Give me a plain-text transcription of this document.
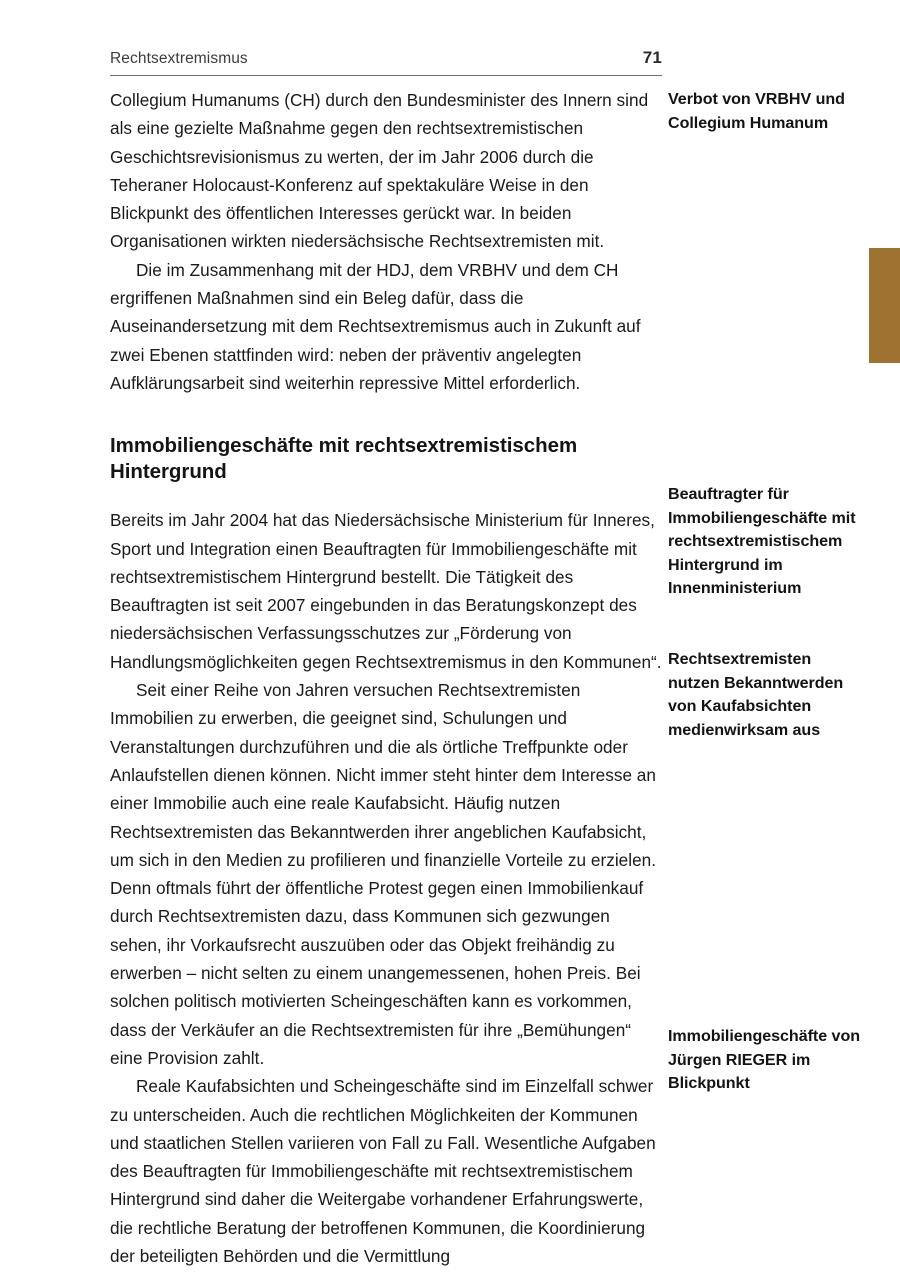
Rechtsextremismus	71

Collegium Humanums (CH) durch den Bundesminister des Innern sind als eine gezielte Maßnahme gegen den rechtsextremistischen Geschichtsrevisionismus zu werten, der im Jahr 2006 durch die Teheraner Holocaust-Konferenz auf spektakuläre Weise in den Blickpunkt des öffentlichen Interesses gerückt war. In beiden Organisationen wirkten niedersächsische Rechtsextremisten mit.

Die im Zusammenhang mit der HDJ, dem VRBHV und dem CH ergriffenen Maßnahmen sind ein Beleg dafür, dass die Auseinandersetzung mit dem Rechtsextremismus auch in Zukunft auf zwei Ebenen stattfinden wird: neben der präventiv angelegten Aufklärungsarbeit sind weiterhin repressive Mittel erforderlich.

Immobiliengeschäfte mit rechtsextremistischem Hintergrund

Bereits im Jahr 2004 hat das Niedersächsische Ministerium für Inneres, Sport und Integration einen Beauftragten für Immobiliengeschäfte mit rechtsextremistischem Hintergrund bestellt. Die Tätigkeit des Beauftragten ist seit 2007 eingebunden in das Beratungskonzept des niedersächsischen Verfassungsschutzes zur „Förderung von Handlungsmöglichkeiten gegen Rechtsextremismus in den Kommunen“.

Seit einer Reihe von Jahren versuchen Rechtsextremisten Immobilien zu erwerben, die geeignet sind, Schulungen und Veranstaltungen durchzuführen und die als örtliche Treffpunkte oder Anlaufstellen dienen können. Nicht immer steht hinter dem Interesse an einer Immobilie auch eine reale Kaufabsicht. Häufig nutzen Rechtsextremisten das Bekanntwerden ihrer angeblichen Kaufabsicht, um sich in den Medien zu profilieren und finanzielle Vorteile zu erzielen. Denn oftmals führt der öffentliche Protest gegen einen Immobilienkauf durch Rechtsextremisten dazu, dass Kommunen sich gezwungen sehen, ihr Vorkaufsrecht auszuüben oder das Objekt freihändig zu erwerben – nicht selten zu einem unangemessenen, hohen Preis. Bei solchen politisch motivierten Scheingeschäften kann es vorkommen, dass der Verkäufer an die Rechtsextremisten für ihre „Bemühungen“ eine Provision zahlt.

Reale Kaufabsichten und Scheingeschäfte sind im Einzelfall schwer zu unterscheiden. Auch die rechtlichen Möglichkeiten der Kommunen und staatlichen Stellen variieren von Fall zu Fall. Wesentliche Aufgaben des Beauftragten für Immobiliengeschäfte mit rechtsextremistischem Hintergrund sind daher die Weitergabe vorhandener Erfahrungswerte, die rechtliche Beratung der betroffenen Kommunen, die Koordinierung der beteiligten Behörden und die Vermittlung

Verbot von VRBHV und Collegium Humanum
Beauftragter für Immobiliengeschäfte mit rechtsextremistischem Hintergrund im Innenministerium
Rechtsextremisten nutzen Bekanntwerden von Kaufabsichten medienwirksam aus
Immobiliengeschäfte von Jürgen RIEGER im Blickpunkt
